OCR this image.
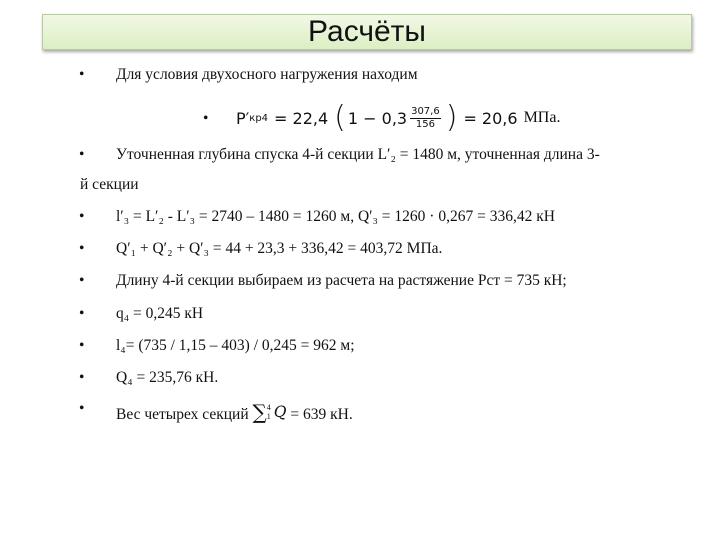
Расчёты
• Для условия двухосного нагружения находим
• P′ кр4 = 22,4 ( $1 - 0,3 \frac{307,6}{156}$ ) = 20,6 МПа.
• Уточненная глубина спуска 4-й секции L′₂ = 1480 м, уточненная длина 3-
й секции
• l′₃ = L′₂ - L′₃ = 2740 – 1480 = 1260 м, Q′₃ = 1260 · 0,267 = 336,42 кН
• Q′₁ + Q′₂ + Q′₃ = 44 + 23,3 + 336,42 = 403,72 МПа.
• Длину 4-й секции выбираем из расчета на растяжение Pст = 735 кН;
• q₄ = 0,245 кН
• l₄= (735 / 1,15 – 403) / 0,245 = 962 м;
• Q₄ = 235,76 кН.
• Вес четырех секций ∑ 4
1 Q = 639 кН.
